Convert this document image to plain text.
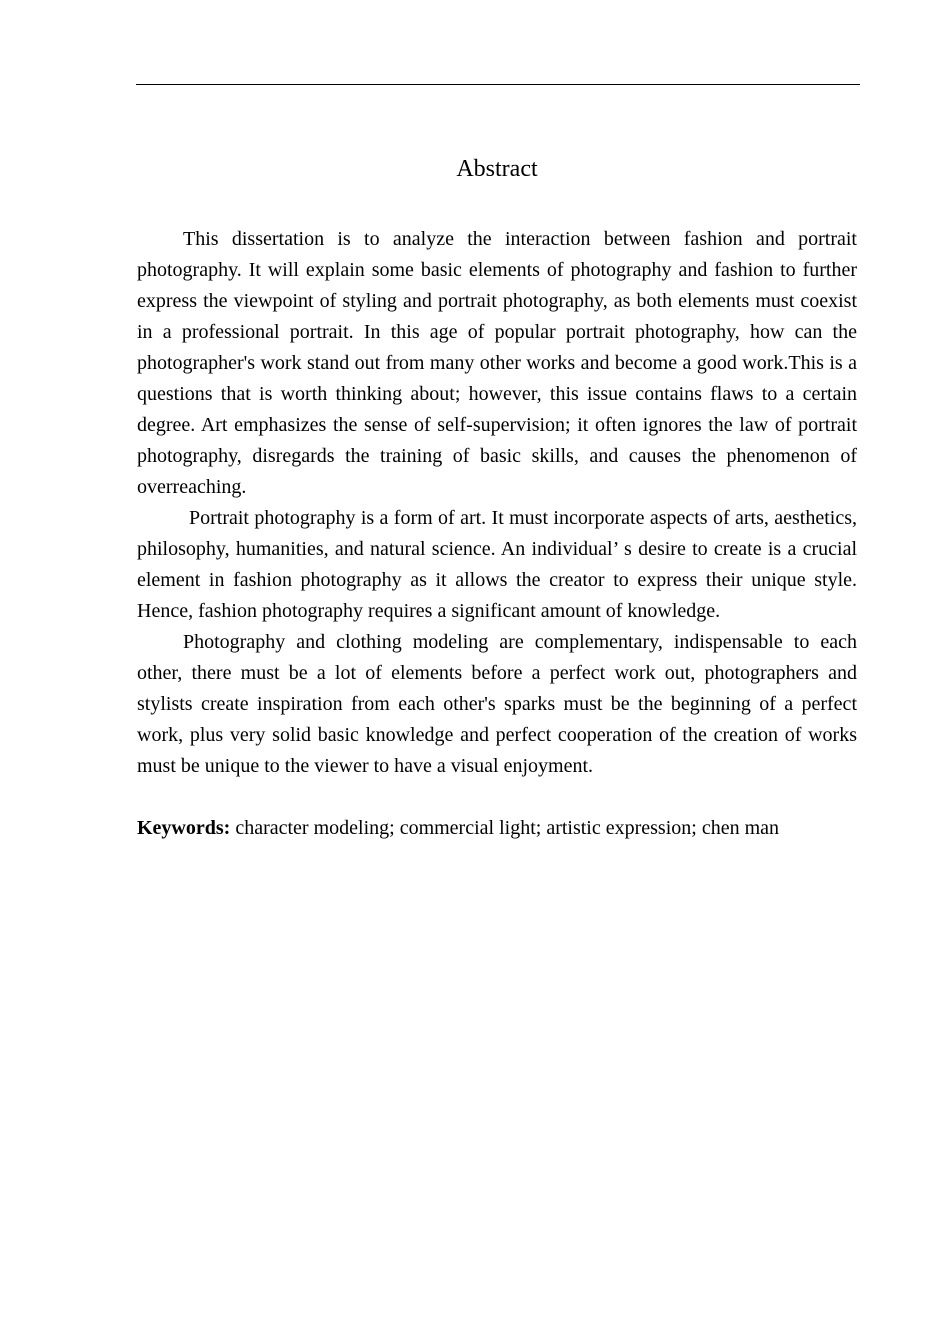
Abstract

This dissertation is to analyze the interaction between fashion and portrait photography. It will explain some basic elements of photography and fashion to further express the viewpoint of styling and portrait photography, as both elements must coexist in a professional portrait. In this age of popular portrait photography, how can the photographer's work stand out from many other works and become a good work.This is a questions that is worth thinking about; however, this issue contains flaws to a certain degree. Art emphasizes the sense of self-supervision; it often ignores the law of portrait photography, disregards the training of basic skills, and causes the phenomenon of overreaching.

Portrait photography is a form of art. It must incorporate aspects of arts, aesthetics, philosophy, humanities, and natural science. An individual’ s desire to create is a crucial element in fashion photography as it allows the creator to express their unique style. Hence, fashion photography requires a significant amount of knowledge.

Photography and clothing modeling are complementary, indispensable to each other, there must be a lot of elements before a perfect work out, photographers and stylists create inspiration from each other's sparks must be the beginning of a perfect work, plus very solid basic knowledge and perfect cooperation of the creation of works must be unique to the viewer to have a visual enjoyment.

Keywords: character modeling; commercial light; artistic expression; chen man
